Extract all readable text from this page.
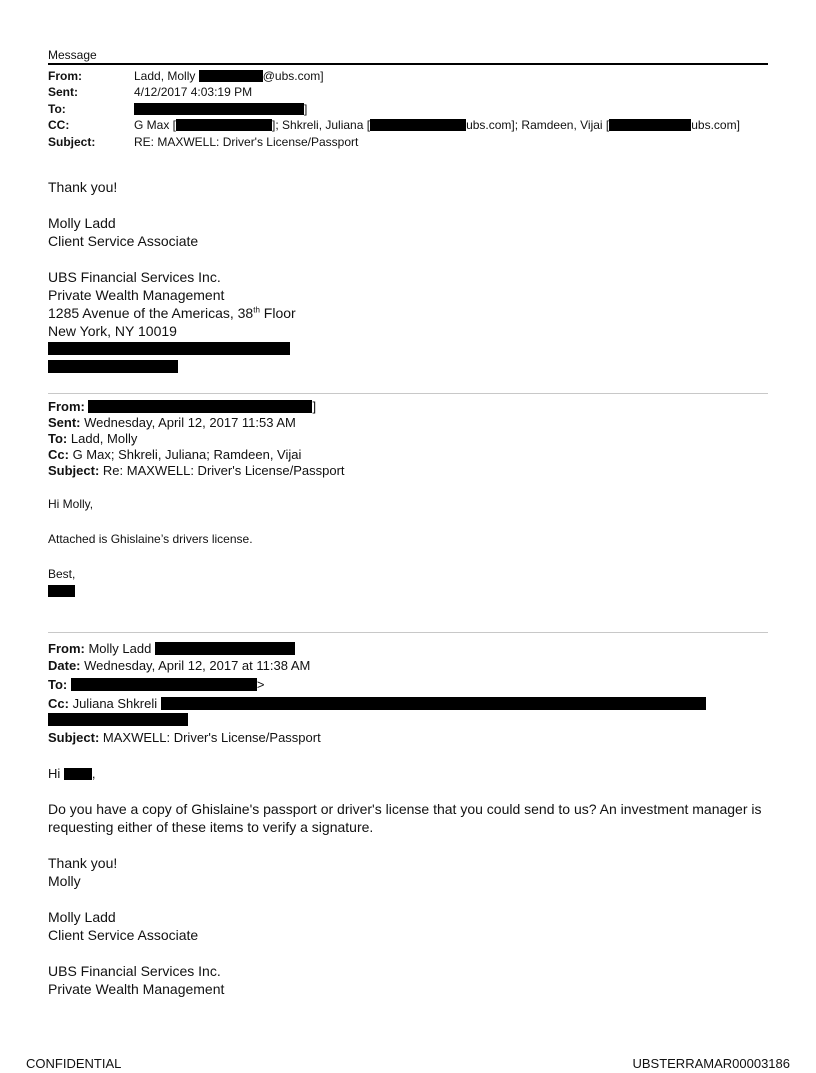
Message
From:	Ladd, Molly	@ubs.com]
Sent:	4/12/2017 4:03:19 PM
To:	]
CC:	G Max [	]; Shkreli, Juliana [	ubs.com]; Ramdeen, Vijai [	ubs.com]
Subject:	RE: MAXWELL: Driver's License/Passport
Thank you!
Molly Ladd
Client Service Associate
UBS Financial Services Inc.
Private Wealth Management
1285 Avenue of the Americas, 38th Floor
New York, NY 10019
From:	]
Sent: Wednesday, April 12, 2017 11:53 AM
To: Ladd, Molly
Cc: G Max; Shkreli, Juliana; Ramdeen, Vijai
Subject: Re: MAXWELL: Driver's License/Passport
Hi Molly,
Attached is Ghislaine’s drivers license.
Best,
From: Molly Ladd
Date: Wednesday, April 12, 2017 at 11:38 AM
To:	>
Cc: Juliana Shkreli
Subject: MAXWELL: Driver's License/Passport
Hi ,
Do you have a copy of Ghislaine's passport or driver's license that you could send to us? An investment manager is
requesting either of these items to verify a signature.
Thank you!
Molly
Molly Ladd
Client Service Associate
UBS Financial Services Inc.
Private Wealth Management
CONFIDENTIAL	UBSTERRAMAR00003186
